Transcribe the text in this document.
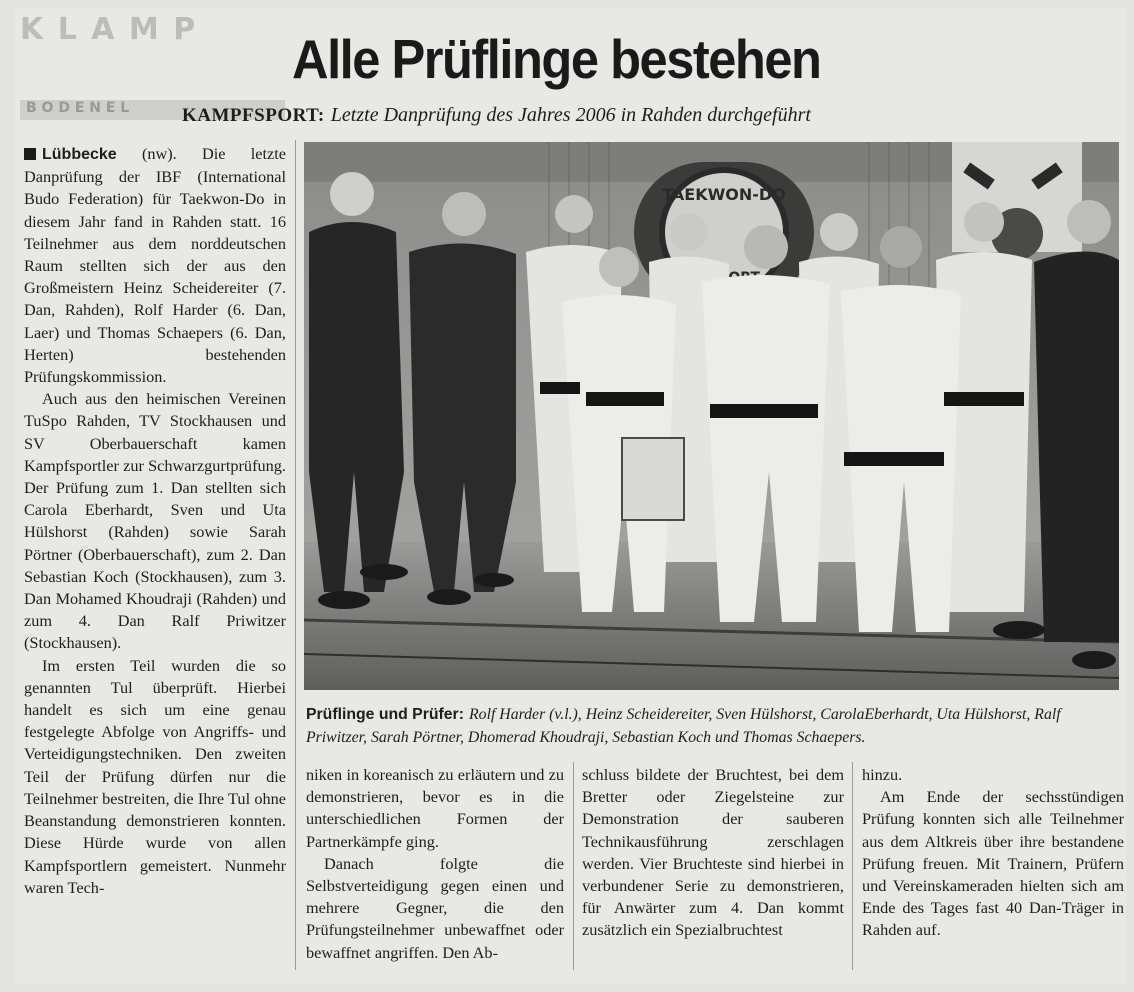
K L A M P
B O D E N E L
Alle Prüflinge bestehen
KAMPFSPORT: Letzte Danprüfung des Jahres 2006 in Rahden durchgeführt

Lübbecke (nw). Die letzte Danprüfung der IBF (International Budo Federation) für Taekwon-Do in diesem Jahr fand in Rahden statt. 16 Teilnehmer aus dem norddeutschen Raum stellten sich der aus den Großmeistern Heinz Scheidereiter (7. Dan, Rahden), Rolf Harder (6. Dan, Laer) und Thomas Schaepers (6. Dan, Herten) bestehenden Prüfungskommission.

Auch aus den heimischen Vereinen TuSpo Rahden, TV Stockhausen und SV Oberbauerschaft kamen Kampfsportler zur Schwarzgurtprüfung. Der Prüfung zum 1. Dan stellten sich Carola Eberhardt, Sven und Uta Hülshorst (Rahden) sowie Sarah Pörtner (Oberbauerschaft), zum 2. Dan Sebastian Koch (Stockhausen), zum 3. Dan Mohamed Khoudraji (Rahden) und zum 4. Dan Ralf Priwitzer (Stockhausen).

Im ersten Teil wurden die so genannten Tul überprüft. Hierbei handelt es sich um eine genau festgelegte Abfolge von Angriffs- und Verteidigungstechniken. Den zweiten Teil der Prüfung dürfen nur die Teilnehmer bestreiten, die Ihre Tul ohne Beanstandung demonstrieren konnten. Diese Hürde wurde von allen Kampfsportlern gemeistert. Nunmehr waren Tech-

TAEKWON-DO
Prüflinge und Prüfer: Rolf Harder (v.l.), Heinz Scheidereiter, Sven Hülshorst, CarolaEberhardt, Uta Hülshorst, Ralf Priwitzer, Sarah Pörtner, Dhomerad Khoudraji, Sebastian Koch und Thomas Schaepers.

niken in koreanisch zu erläutern und zu demonstrieren, bevor es in die unterschiedlichen Formen der Partnerkämpfe ging.

Danach folgte die Selbstverteidigung gegen einen und mehrere Gegner, die den Prüfungsteilnehmer unbewaffnet oder bewaffnet angriffen. Den Ab-

schluss bildete der Bruchtest, bei dem Bretter oder Ziegelsteine zur Demonstration der sauberen Technikausführung zerschlagen werden. Vier Bruchteste sind hierbei in verbundener Serie zu demonstrieren, für Anwärter zum 4. Dan kommt zusätzlich ein Spezialbruchtest

hinzu.

Am Ende der sechsstündigen Prüfung konnten sich alle Teilnehmer aus dem Altkreis über ihre bestandene Prüfung freuen. Mit Trainern, Prüfern und Vereinskameraden hielten sich am Ende des Tages fast 40 Dan-Träger in Rahden auf.
